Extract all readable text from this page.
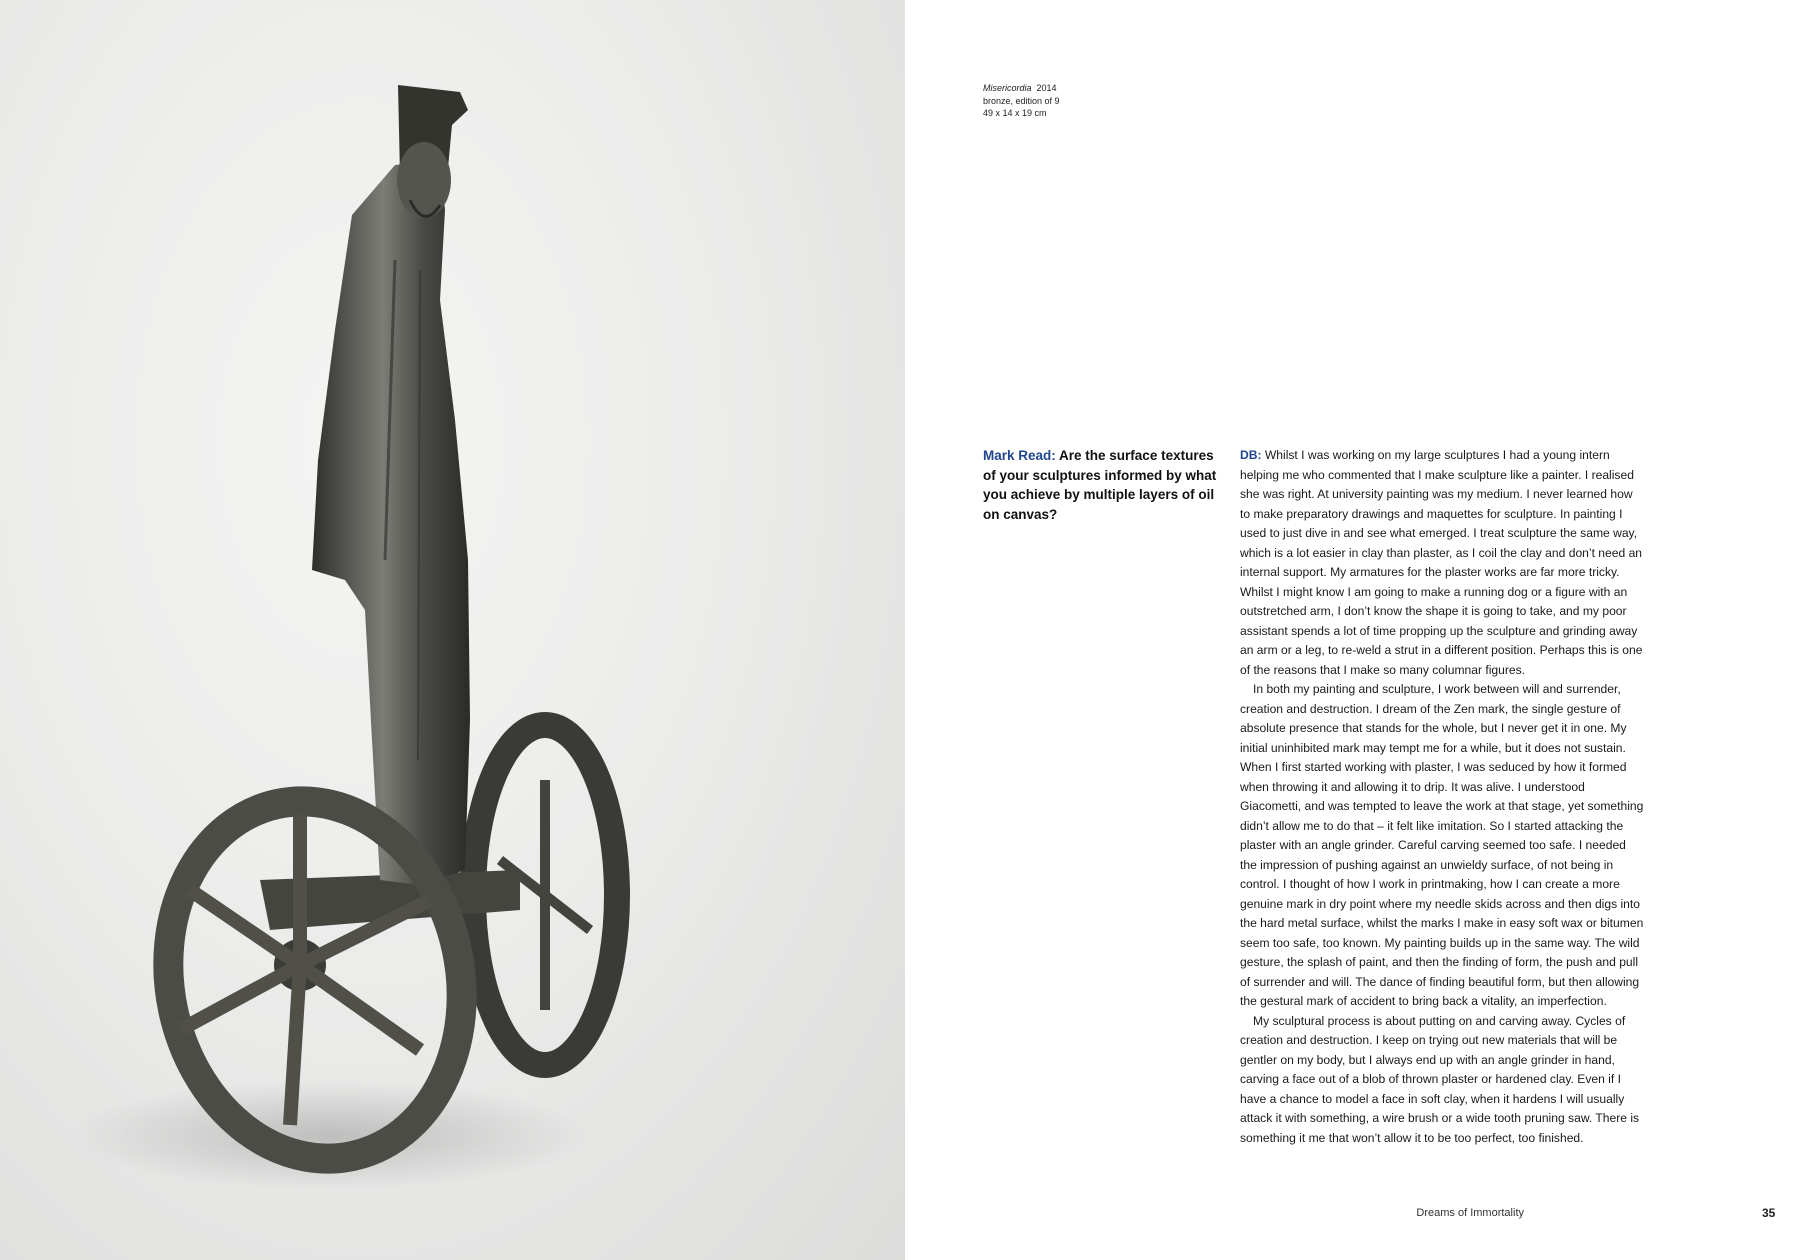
Misericordia 2014
bronze, edition of 9
49 x 14 x 19 cm
Mark Read: Are the surface textures of your sculptures informed by what you achieve by multiple layers of oil on canvas?

DB: Whilst I was working on my large sculptures I had a young intern helping me who commented that I make sculpture like a painter. I realised she was right. At university painting was my medium. I never learned how to make preparatory drawings and maquettes for sculpture. In painting I used to just dive in and see what emerged. I treat sculpture the same way, which is a lot easier in clay than plaster, as I coil the clay and don’t need an internal support. My armatures for the plaster works are far more tricky. Whilst I might know I am going to make a running dog or a figure with an outstretched arm, I don’t know the shape it is going to take, and my poor assistant spends a lot of time propping up the sculpture and grinding away an arm or a leg, to re-weld a strut in a different position. Perhaps this is one of the reasons that I make so many columnar figures.

In both my painting and sculpture, I work between will and surrender, creation and destruction. I dream of the Zen mark, the single gesture of absolute presence that stands for the whole, but I never get it in one. My initial uninhibited mark may tempt me for a while, but it does not sustain. When I first started working with plaster, I was seduced by how it formed when throwing it and allowing it to drip. It was alive. I understood Giacometti, and was tempted to leave the work at that stage, yet something didn’t allow me to do that – it felt like imitation. So I started attacking the plaster with an angle grinder. Careful carving seemed too safe. I needed the impression of pushing against an unwieldy surface, of not being in control. I thought of how I work in printmaking, how I can create a more genuine mark in dry point where my needle skids across and then digs into the hard metal surface, whilst the marks I make in easy soft wax or bitumen seem too safe, too known. My painting builds up in the same way. The wild gesture, the splash of paint, and then the finding of form, the push and pull of surrender and will. The dance of finding beautiful form, but then allowing the gestural mark of accident to bring back a vitality, an imperfection.

My sculptural process is about putting on and carving away. Cycles of creation and destruction. I keep on trying out new materials that will be gentler on my body, but I always end up with an angle grinder in hand, carving a face out of a blob of thrown plaster or hardened clay. Even if I have a chance to model a face in soft clay, when it hardens I will usually attack it with something, a wire brush or a wide tooth pruning saw. There is something it me that won’t allow it to be too perfect, too finished.

Dreams of Immortality	35
